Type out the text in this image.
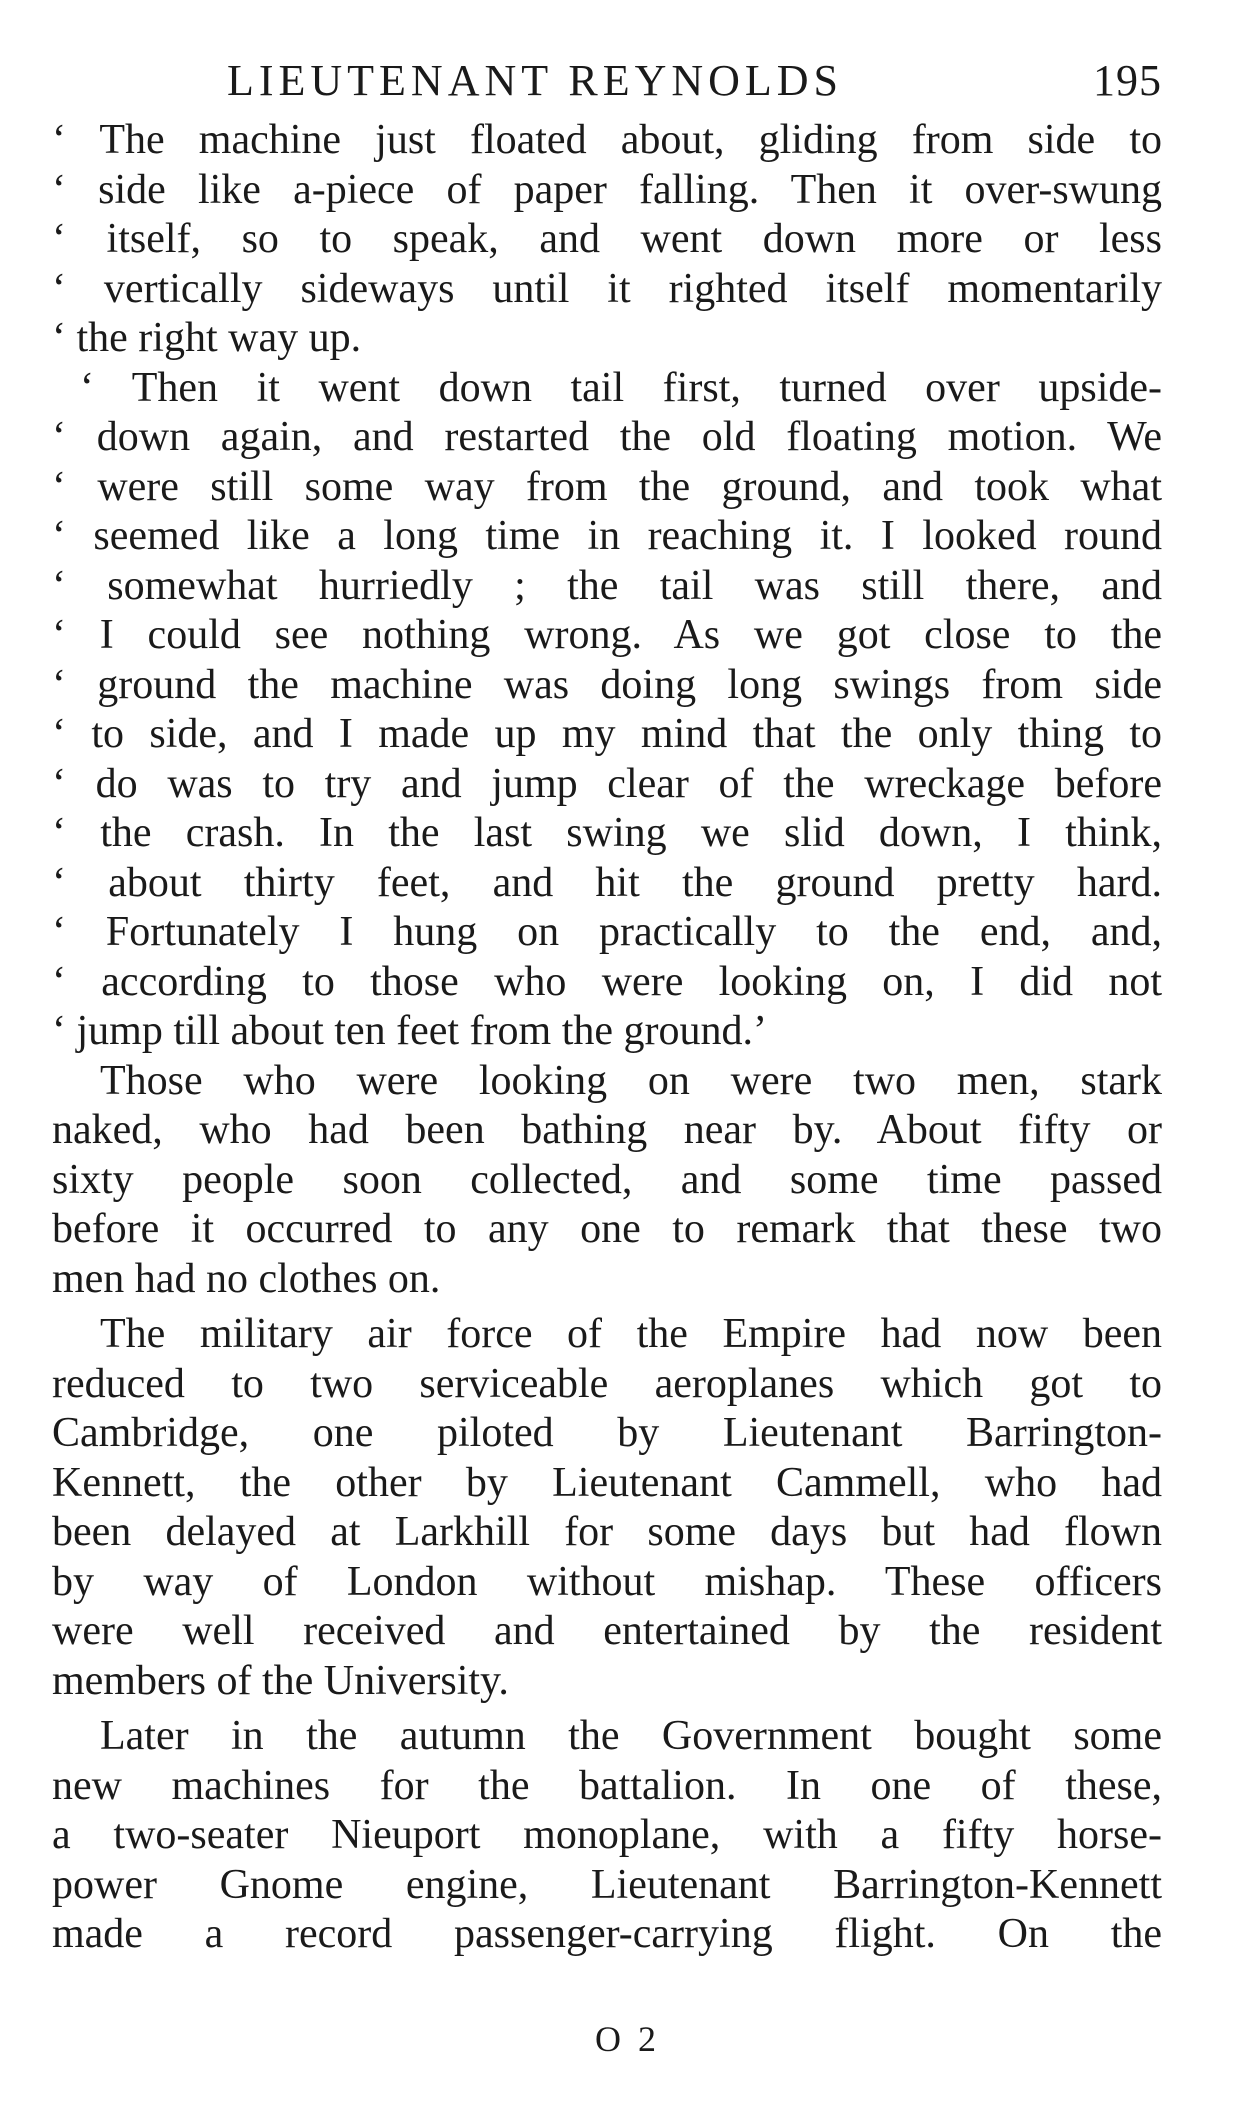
LIEUTENANT REYNOLDS	195
‘ The machine just floated about, gliding from side to
‘ side like a-piece of paper falling. Then it over-swung
‘ itself, so to speak, and went down more or less
‘ vertically sideways until it righted itself momentarily
‘ the right way up.
‘ Then it went down tail first, turned over upside-
‘ down again, and restarted the old floating motion. We
‘ were still some way from the ground, and took what
‘ seemed like a long time in reaching it. I looked round
‘ somewhat hurriedly ; the tail was still there, and
‘ I could see nothing wrong. As we got close to the
‘ ground the machine was doing long swings from side
‘ to side, and I made up my mind that the only thing to
‘ do was to try and jump clear of the wreckage before
‘ the crash. In the last swing we slid down, I think,
‘ about thirty feet, and hit the ground pretty hard.
‘ Fortunately I hung on practically to the end, and,
‘ according to those who were looking on, I did not
‘ jump till about ten feet from the ground.’
Those who were looking on were two men, stark
naked, who had been bathing near by. About fifty or
sixty people soon collected, and some time passed
before it occurred to any one to remark that these two
men had no clothes on.
The military air force of the Empire had now been
reduced to two serviceable aeroplanes which got to
Cambridge, one piloted by Lieutenant Barrington-
Kennett, the other by Lieutenant Cammell, who had
been delayed at Larkhill for some days but had flown
by way of London without mishap. These officers
were well received and entertained by the resident
members of the University.
Later in the autumn the Government bought some
new machines for the battalion. In one of these,
a two-seater Nieuport monoplane, with a fifty horse-
power Gnome engine, Lieutenant Barrington-Kennett
made a record passenger-carrying flight. On the
O 2
